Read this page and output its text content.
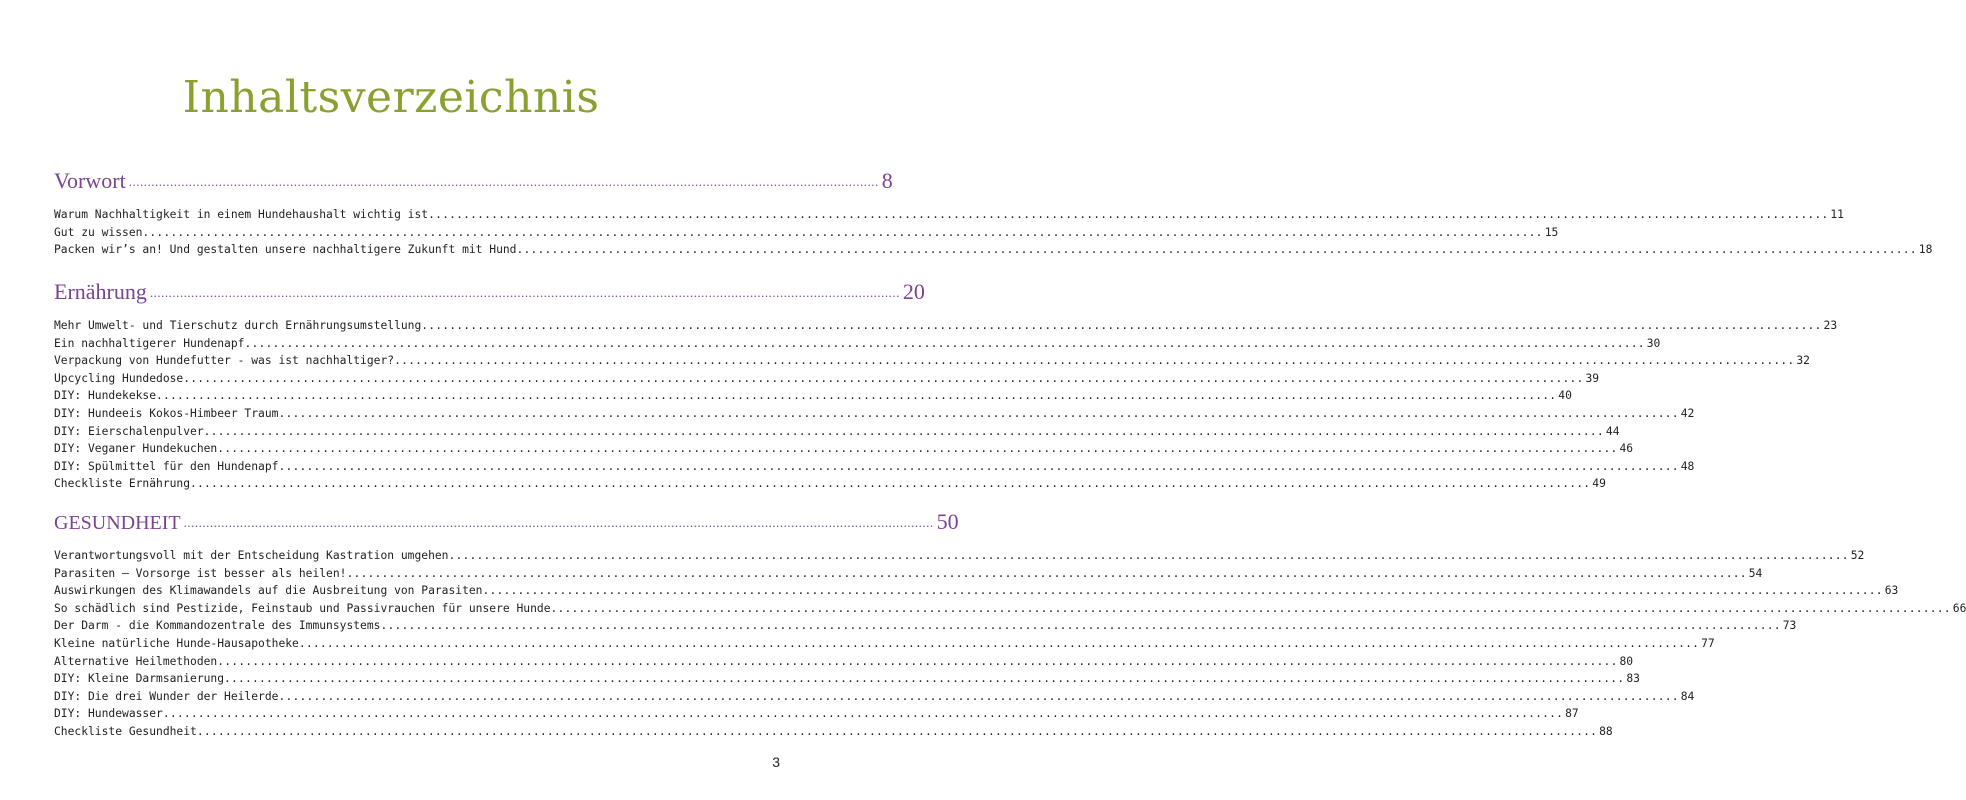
Inhaltsverzeichnis
Vorwort ........................................................................................................................................................................................................ 8
Warum Nachhaltigkeit in einem Hundehaushalt wichtig ist ........................................................................................................................................................................................................ 11
Gut zu wissen ........................................................................................................................................................................................................ 15
Packen wir’s an! Und gestalten unsere nachhaltigere Zukunft mit Hund ........................................................................................................................................................................................................ 18
Ernährung ........................................................................................................................................................................................................ 20
Mehr Umwelt- und Tierschutz durch Ernährungsumstellung ........................................................................................................................................................................................................ 23
Ein nachhaltigerer Hundenapf ........................................................................................................................................................................................................ 30
Verpackung von Hundefutter - was ist nachhaltiger? ........................................................................................................................................................................................................ 32
Upcycling Hundedose ........................................................................................................................................................................................................ 39
DIY: Hundekekse ........................................................................................................................................................................................................ 40
DIY: Hundeeis Kokos-Himbeer Traum ........................................................................................................................................................................................................ 42
DIY: Eierschalenpulver ........................................................................................................................................................................................................ 44
DIY: Veganer Hundekuchen ........................................................................................................................................................................................................ 46
DIY: Spülmittel für den Hundenapf ........................................................................................................................................................................................................ 48
Checkliste Ernährung ........................................................................................................................................................................................................ 49
GESUNDHEIT ........................................................................................................................................................................................................ 50
Verantwortungsvoll mit der Entscheidung Kastration umgehen ........................................................................................................................................................................................................ 52
Parasiten – Vorsorge ist besser als heilen! ........................................................................................................................................................................................................ 54
Auswirkungen des Klimawandels auf die Ausbreitung von Parasiten ........................................................................................................................................................................................................ 63
So schädlich sind Pestizide, Feinstaub und Passivrauchen für unsere Hunde ........................................................................................................................................................................................................ 66
Der Darm - die Kommandozentrale des Immunsystems ........................................................................................................................................................................................................ 73
Kleine natürliche Hunde-Hausapotheke ........................................................................................................................................................................................................ 77
Alternative Heilmethoden ........................................................................................................................................................................................................ 80
DIY: Kleine Darmsanierung ........................................................................................................................................................................................................ 83
DIY: Die drei Wunder der Heilerde ........................................................................................................................................................................................................ 84
DIY: Hundewasser ........................................................................................................................................................................................................ 87
Checkliste Gesundheit ........................................................................................................................................................................................................ 88
3
